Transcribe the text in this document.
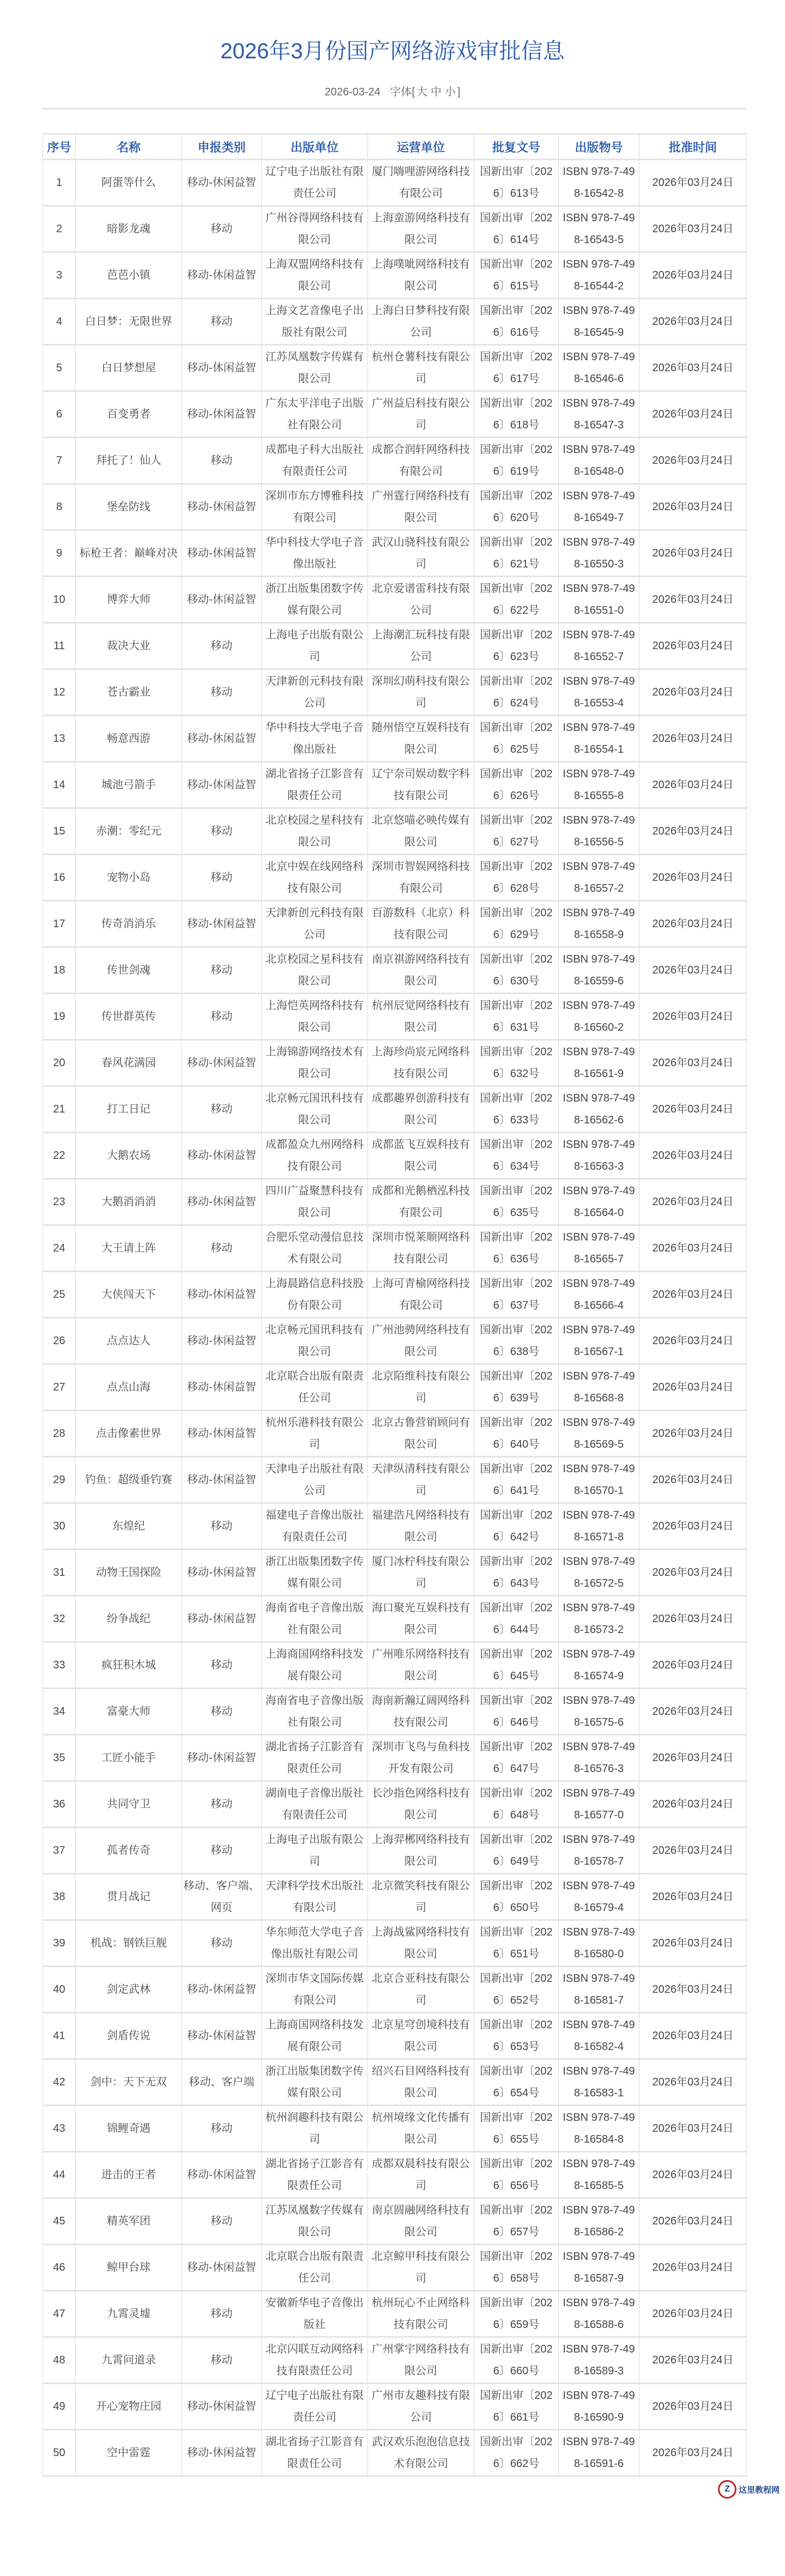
2026年3月份国产网络游戏审批信息
2026-03-24 字体[ 大 中 小 ]
序号	名称	申报类别	出版单位	运营单位	批复文号	出版物号	批准时间
1	阿蛋等什么	移动-休闲益智	辽宁电子出版社有限责任公司	厦门嗨哩游网络科技有限公司	国新出审〔2026〕613号	ISBN 978-7-498-16542-8	2026年03月24日
2	暗影龙魂	移动	广州谷得网络科技有限公司	上海蛮游网络科技有限公司	国新出审〔2026〕614号	ISBN 978-7-498-16543-5	2026年03月24日
3	芭芭小镇	移动-休闲益智	上海双盟网络科技有限公司	上海噗呲网络科技有限公司	国新出审〔2026〕615号	ISBN 978-7-498-16544-2	2026年03月24日
4	白日梦：无限世界	移动	上海文艺音像电子出版社有限公司	上海白日梦科技有限公司	国新出审〔2026〕616号	ISBN 978-7-498-16545-9	2026年03月24日
5	白日梦想屋	移动-休闲益智	江苏凤凰数字传媒有限公司	杭州仓薯科技有限公司	国新出审〔2026〕617号	ISBN 978-7-498-16546-6	2026年03月24日
6	百变勇者	移动-休闲益智	广东太平洋电子出版社有限公司	广州益启科技有限公司	国新出审〔2026〕618号	ISBN 978-7-498-16547-3	2026年03月24日
7	拜托了！仙人	移动	成都电子科大出版社有限责任公司	成都合润轩网络科技有限公司	国新出审〔2026〕619号	ISBN 978-7-498-16548-0	2026年03月24日
8	堡垒防线	移动-休闲益智	深圳市东方博雅科技有限公司	广州霆行网络科技有限公司	国新出审〔2026〕620号	ISBN 978-7-498-16549-7	2026年03月24日
9	标枪王者：巅峰对决	移动-休闲益智	华中科技大学电子音像出版社	武汉山骁科技有限公司	国新出审〔2026〕621号	ISBN 978-7-498-16550-3	2026年03月24日
10	博弈大师	移动-休闲益智	浙江出版集团数字传媒有限公司	北京爱谱雷科技有限公司	国新出审〔2026〕622号	ISBN 978-7-498-16551-0	2026年03月24日
11	裁决大业	移动	上海电子出版有限公司	上海潮汇玩科技有限公司	国新出审〔2026〕623号	ISBN 978-7-498-16552-7	2026年03月24日
12	苍古霸业	移动	天津新创元科技有限公司	深圳幻萌科技有限公司	国新出审〔2026〕624号	ISBN 978-7-498-16553-4	2026年03月24日
13	畅意西游	移动-休闲益智	华中科技大学电子音像出版社	随州悟空互娱科技有限公司	国新出审〔2026〕625号	ISBN 978-7-498-16554-1	2026年03月24日
14	城池弓箭手	移动-休闲益智	湖北省扬子江影音有限责任公司	辽宁奈司娱动数字科技有限公司	国新出审〔2026〕626号	ISBN 978-7-498-16555-8	2026年03月24日
15	赤潮：零纪元	移动	北京校园之星科技有限公司	北京悠喵必映传媒有限公司	国新出审〔2026〕627号	ISBN 978-7-498-16556-5	2026年03月24日
16	宠物小岛	移动	北京中娱在线网络科技有限公司	深圳市智娱网络科技有限公司	国新出审〔2026〕628号	ISBN 978-7-498-16557-2	2026年03月24日
17	传奇消消乐	移动-休闲益智	天津新创元科技有限公司	百游数科（北京）科技有限公司	国新出审〔2026〕629号	ISBN 978-7-498-16558-9	2026年03月24日
18	传世剑魂	移动	北京校园之星科技有限公司	南京祺游网络科技有限公司	国新出审〔2026〕630号	ISBN 978-7-498-16559-6	2026年03月24日
19	传世群英传	移动	上海恺英网络科技有限公司	杭州辰觉网络科技有限公司	国新出审〔2026〕631号	ISBN 978-7-498-16560-2	2026年03月24日
20	春风花满园	移动-休闲益智	上海锦游网络技术有限公司	上海珍尚宸元网络科技有限公司	国新出审〔2026〕632号	ISBN 978-7-498-16561-9	2026年03月24日
21	打工日记	移动	北京畅元国讯科技有限公司	成都趣界创游科技有限公司	国新出审〔2026〕633号	ISBN 978-7-498-16562-6	2026年03月24日
22	大鹅农场	移动-休闲益智	成都盈众九州网络科技有限公司	成都蓝飞互娱科技有限公司	国新出审〔2026〕634号	ISBN 978-7-498-16563-3	2026年03月24日
23	大鹅消消消	移动-休闲益智	四川广益聚慧科技有限公司	成都和光鹅栖泓科技有限公司	国新出审〔2026〕635号	ISBN 978-7-498-16564-0	2026年03月24日
24	大王请上阵	移动	合肥乐堂动漫信息技术有限公司	深圳市悦莱顺网络科技有限公司	国新出审〔2026〕636号	ISBN 978-7-498-16565-7	2026年03月24日
25	大侠闯天下	移动-休闲益智	上海晨路信息科技股份有限公司	上海可青榆网络科技有限公司	国新出审〔2026〕637号	ISBN 978-7-498-16566-4	2026年03月24日
26	点点达人	移动-休闲益智	北京畅元国讯科技有限公司	广州池骋网络科技有限公司	国新出审〔2026〕638号	ISBN 978-7-498-16567-1	2026年03月24日
27	点点山海	移动-休闲益智	北京联合出版有限责任公司	北京陌维科技有限公司	国新出审〔2026〕639号	ISBN 978-7-498-16568-8	2026年03月24日
28	点击像素世界	移动-休闲益智	杭州乐港科技有限公司	北京古鲁营销顾问有限公司	国新出审〔2026〕640号	ISBN 978-7-498-16569-5	2026年03月24日
29	钓鱼：超级垂钓赛	移动-休闲益智	天津电子出版社有限公司	天津纵清科技有限公司	国新出审〔2026〕641号	ISBN 978-7-498-16570-1	2026年03月24日
30	东煌纪	移动	福建电子音像出版社有限责任公司	福建浩凡网络科技有限公司	国新出审〔2026〕642号	ISBN 978-7-498-16571-8	2026年03月24日
31	动物王国探险	移动-休闲益智	浙江出版集团数字传媒有限公司	厦门冰柠科技有限公司	国新出审〔2026〕643号	ISBN 978-7-498-16572-5	2026年03月24日
32	纷争战纪	移动-休闲益智	海南省电子音像出版社有限公司	海口聚光互娱科技有限公司	国新出审〔2026〕644号	ISBN 978-7-498-16573-2	2026年03月24日
33	疯狂积木城	移动	上海商国网络科技发展有限公司	广州唯乐网络科技有限公司	国新出审〔2026〕645号	ISBN 978-7-498-16574-9	2026年03月24日
34	富豪大师	移动	海南省电子音像出版社有限公司	海南新瀚辽阔网络科技有限公司	国新出审〔2026〕646号	ISBN 978-7-498-16575-6	2026年03月24日
35	工匠小能手	移动-休闲益智	湖北省扬子江影音有限责任公司	深圳市飞鸟与鱼科技开发有限公司	国新出审〔2026〕647号	ISBN 978-7-498-16576-3	2026年03月24日
36	共同守卫	移动	湖南电子音像出版社有限责任公司	长沙指色网络科技有限公司	国新出审〔2026〕648号	ISBN 978-7-498-16577-0	2026年03月24日
37	孤者传奇	移动	上海电子出版有限公司	上海羿郴网络科技有限公司	国新出审〔2026〕649号	ISBN 978-7-498-16578-7	2026年03月24日
38	贯月战记	移动、客户端、网页	天津科学技术出版社有限公司	北京微笑科技有限公司	国新出审〔2026〕650号	ISBN 978-7-498-16579-4	2026年03月24日
39	机战：钢铁巨舰	移动	华东师范大学电子音像出版社有限公司	上海战鲨网络科技有限公司	国新出审〔2026〕651号	ISBN 978-7-498-16580-0	2026年03月24日
40	剑定武林	移动-休闲益智	深圳市华文国际传媒有限公司	北京合亚科技有限公司	国新出审〔2026〕652号	ISBN 978-7-498-16581-7	2026年03月24日
41	剑盾传说	移动-休闲益智	上海商国网络科技发展有限公司	北京星穹创境科技有限公司	国新出审〔2026〕653号	ISBN 978-7-498-16582-4	2026年03月24日
42	剑中：天下无双	移动、客户端	浙江出版集团数字传媒有限公司	绍兴石目网络科技有限公司	国新出审〔2026〕654号	ISBN 978-7-498-16583-1	2026年03月24日
43	锦鲤奇遇	移动	杭州润趣科技有限公司	杭州境缘文化传播有限公司	国新出审〔2026〕655号	ISBN 978-7-498-16584-8	2026年03月24日
44	进击的王者	移动-休闲益智	湖北省扬子江影音有限责任公司	成都双晨科技有限公司	国新出审〔2026〕656号	ISBN 978-7-498-16585-5	2026年03月24日
45	精英军团	移动	江苏凤凰数字传媒有限公司	南京圆融网络科技有限公司	国新出审〔2026〕657号	ISBN 978-7-498-16586-2	2026年03月24日
46	鲸甲台球	移动-休闲益智	北京联合出版有限责任公司	北京鲸甲科技有限公司	国新出审〔2026〕658号	ISBN 978-7-498-16587-9	2026年03月24日
47	九霄灵墟	移动	安徽新华电子音像出版社	杭州玩心不止网络科技有限公司	国新出审〔2026〕659号	ISBN 978-7-498-16588-6	2026年03月24日
48	九霄问道录	移动	北京闪联互动网络科技有限责任公司	广州掌宇网络科技有限公司	国新出审〔2026〕660号	ISBN 978-7-498-16589-3	2026年03月24日
49	开心宠物庄园	移动-休闲益智	辽宁电子出版社有限责任公司	广州市友趣科技有限公司	国新出审〔2026〕661号	ISBN 978-7-498-16590-9	2026年03月24日
50	空中雷霆	移动-休闲益智	湖北省扬子江影音有限责任公司	武汉欢乐泡泡信息技术有限公司	国新出审〔2026〕662号	ISBN 978-7-498-16591-6	2026年03月24日
Z	这里教程网
